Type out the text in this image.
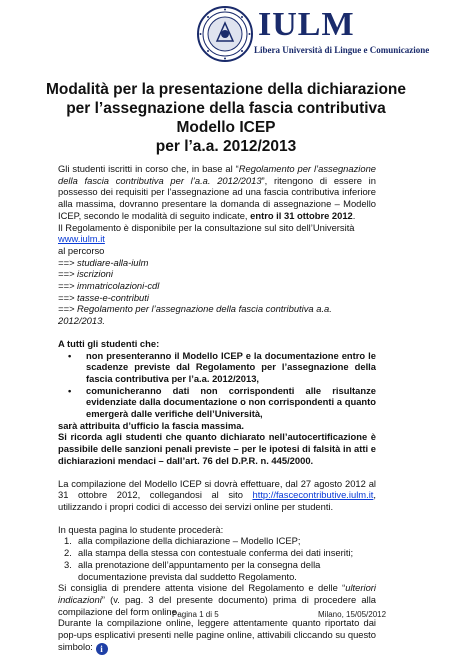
IULM
Libera Università di Lingue e Comunicazione
Modalità per la presentazione della dichiarazione
per l’assegnazione della fascia contributiva
Modello ICEP
per l’a.a. 2012/2013

Gli studenti iscritti in corso che, in base al “Regolamento per l’assegnazione della fascia contributiva per l’a.a. 2012/2013”, ritengono di essere in possesso dei requisiti per l’assegnazione ad una fascia contributiva inferiore alla massima, dovranno presentare la domanda di assegnazione – Modello ICEP, secondo le modalità di seguito indicate, entro il 31 ottobre 2012.

Il Regolamento è disponibile per la consultazione sul sito dell’Università www.iulm.it

al percorso

==> studiare-alla-iulm

==> iscrizioni

==> immatricolazioni-cdl

==> tasse-e-contributi

==> Regolamento per l’assegnazione della fascia contributiva a.a. 2012/2013.

A tutti gli studenti che:

• non presenteranno il Modello ICEP e la documentazione entro le scadenze previste dal Regolamento per l’assegnazione della fascia contributiva per l’a.a. 2012/2013,
• comunicheranno dati non corrispondenti alle risultanze evidenziate dalla documentazione o non corrispondenti a quanto emergerà dalle verifiche dell’Università,

sarà attribuita d’ufficio la fascia massima.

Si ricorda agli studenti che quanto dichiarato nell’autocertificazione è passibile delle sanzioni penali previste – per le ipotesi di falsità in atti e dichiarazioni mendaci – dall’art. 76 del D.P.R. n. 445/2000.

La compilazione del Modello ICEP si dovrà effettuare, dal 27 agosto 2012 al 31 ottobre 2012, collegandosi al sito http://fascecontributive.iulm.it, utilizzando i propri codici di accesso dei servizi online per studenti.

In questa pagina lo studente procederà:

1. alla compilazione della dichiarazione – Modello ICEP;
2. alla stampa della stessa con contestuale conferma dei dati inseriti;
3. alla prenotazione dell’appuntamento per la consegna della documentazione prevista dal suddetto Regolamento.

Si consiglia di prendere attenta visione del Regolamento e delle “ulteriori indicazioni” (v. pag. 3 del presente documento) prima di procedere alla compilazione del form online.

Durante la compilazione online, leggere attentamente quanto riportato dai pop-ups esplicativi presenti nelle pagine online, attivabili cliccando su questo simbolo: i

Pagina 1 di 5	Milano, 15/05/2012
